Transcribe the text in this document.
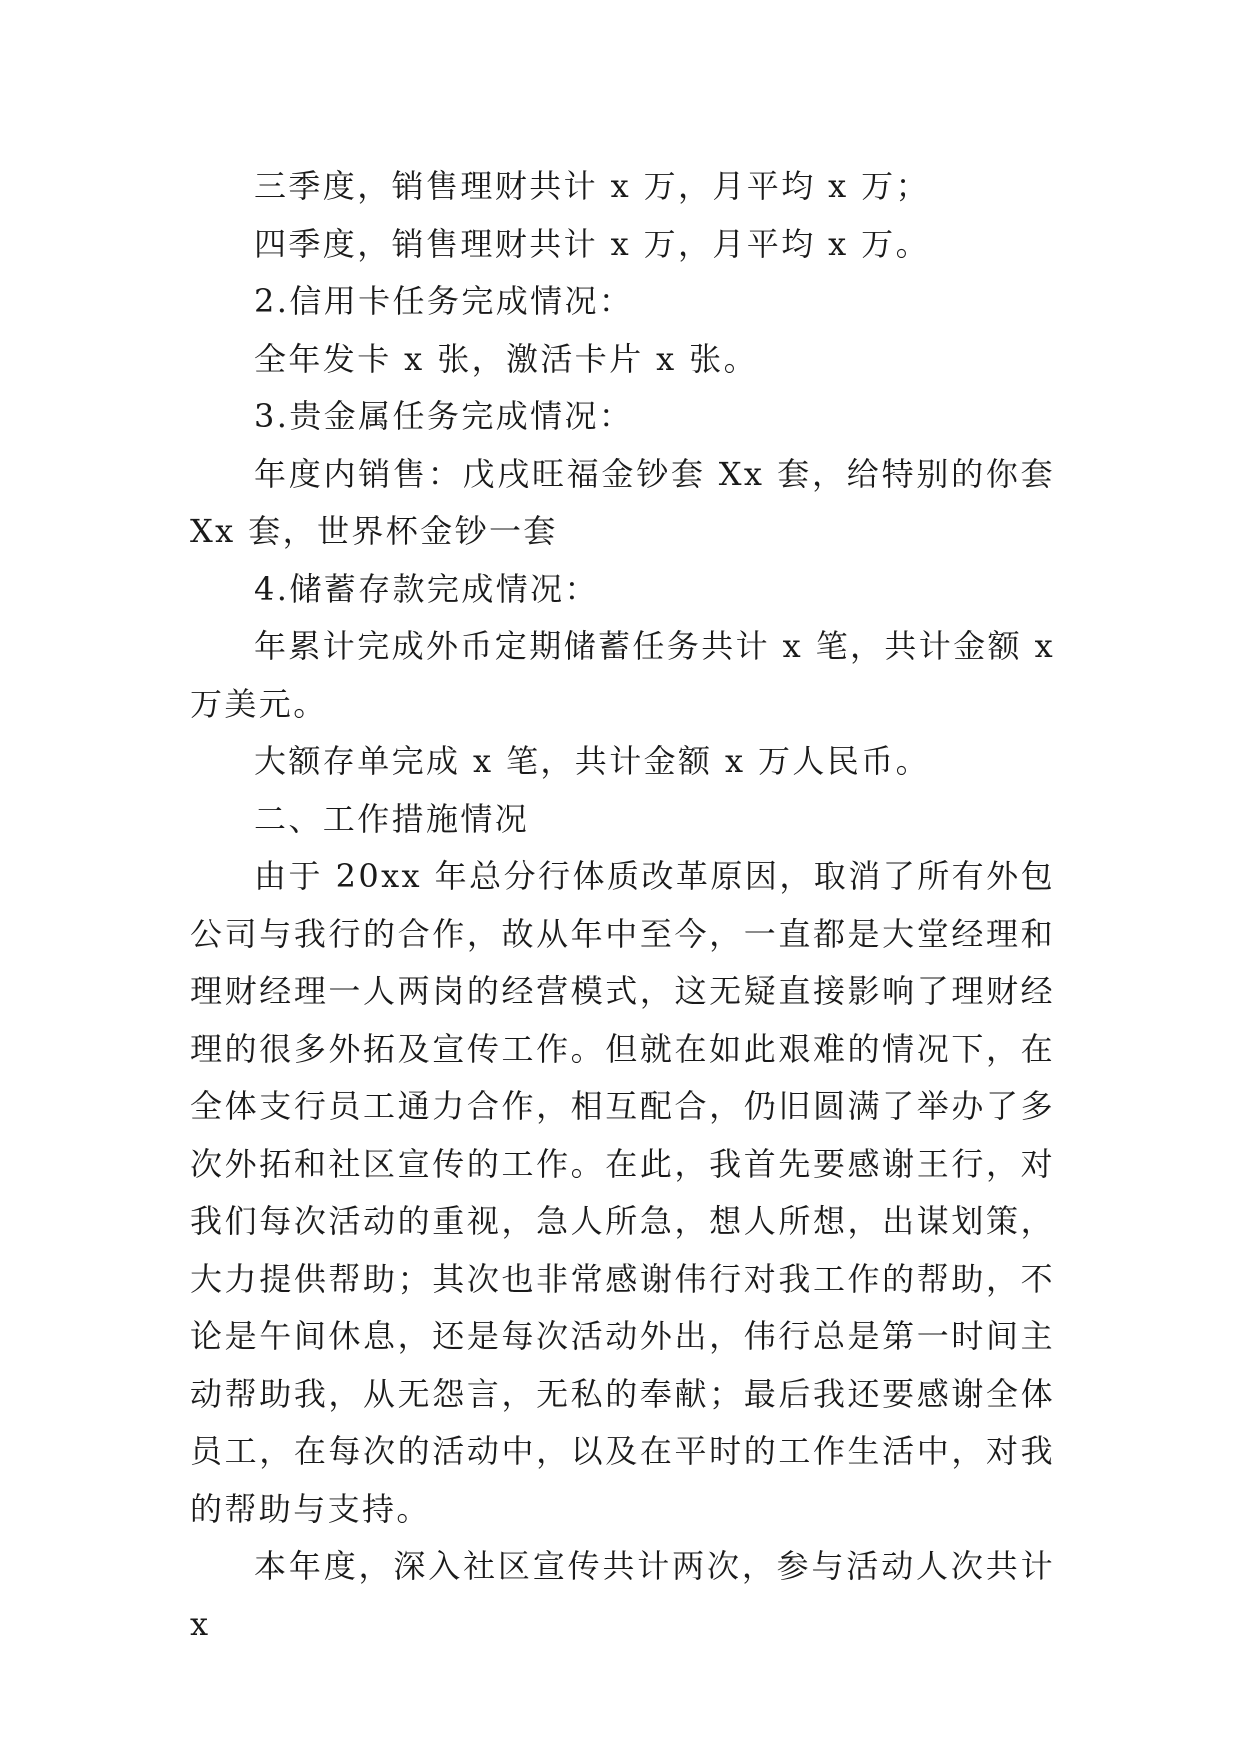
三季度，销售理财共计 x 万，月平均 x 万；

四季度，销售理财共计 x 万，月平均 x 万。

2.信用卡任务完成情况：

全年发卡 x 张，激活卡片 x 张。

3.贵金属任务完成情况：

年度内销售：戊戌旺福金钞套 Xx 套，给特别的你套 Xx 套，世界杯金钞一套

4.储蓄存款完成情况：

年累计完成外币定期储蓄任务共计 x 笔，共计金额 x 万美元。

大额存单完成 x 笔，共计金额 x 万人民币。

二、工作措施情况

由于 20xx 年总分行体质改革原因，取消了所有外包公司与我行的合作，故从年中至今，一直都是大堂经理和理财经理一人两岗的经营模式，这无疑直接影响了理财经理的很多外拓及宣传工作。但就在如此艰难的情况下，在全体支行员工通力合作，相互配合，仍旧圆满了举办了多次外拓和社区宣传的工作。在此，我首先要感谢王行，对我们每次活动的重视，急人所急，想人所想，出谋划策，大力提供帮助；其次也非常感谢伟行对我工作的帮助，不论是午间休息，还是每次活动外出，伟行总是第一时间主动帮助我，从无怨言，无私的奉献；最后我还要感谢全体员工，在每次的活动中，以及在平时的工作生活中，对我的帮助与支持。

本年度，深入社区宣传共计两次，参与活动人次共计 x
